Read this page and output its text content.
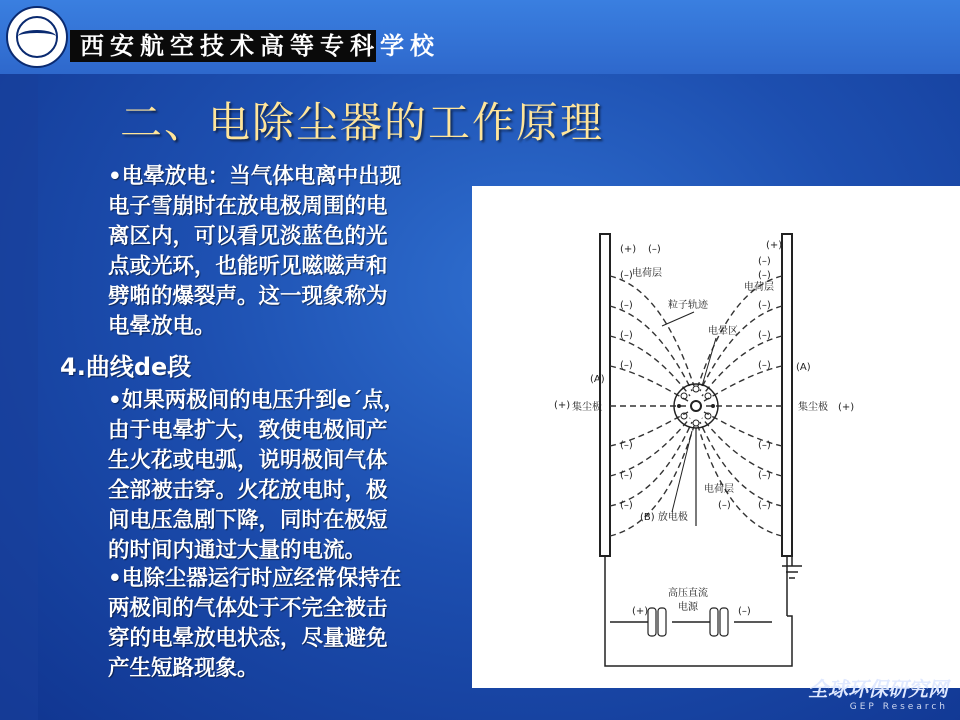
西安航空技术高等专科学校
二、电除尘器的工作原理
•电晕放电：当气体电离中出现
电子雪崩时在放电极周围的电
离区内，可以看见淡蓝色的光
点或光环，也能听见嗞嗞声和
劈啪的爆裂声。这一现象称为
电晕放电。
4.曲线de段
•如果两极间的电压升到e´点，
由于电晕扩大，致使电极间产
生火花或电弧，说明极间气体
全部被击穿。火花放电时，极
间电压急剧下降，同时在极短
的时间内通过大量的电流。
•电除尘器运行时应经常保持在
两极间的气体处于不完全被击
穿的电晕放电状态，尽量避免
产生短路现象。
(–)
(–)
(–)
(–)
(–)
(–)
(–)
(–)
(–)
(–)
(–)
(–)
(–)
(–)
(+) (–)
电荷层
(+)
(–)
电荷层
粒子轨迹
电晕区
(A)
(+) 集尘极
(A)
集尘极 (+)
电荷层
(B) 放电极
(–)
高压直流
电源
(+)	(–)
全球环保研究网
GEP Research
